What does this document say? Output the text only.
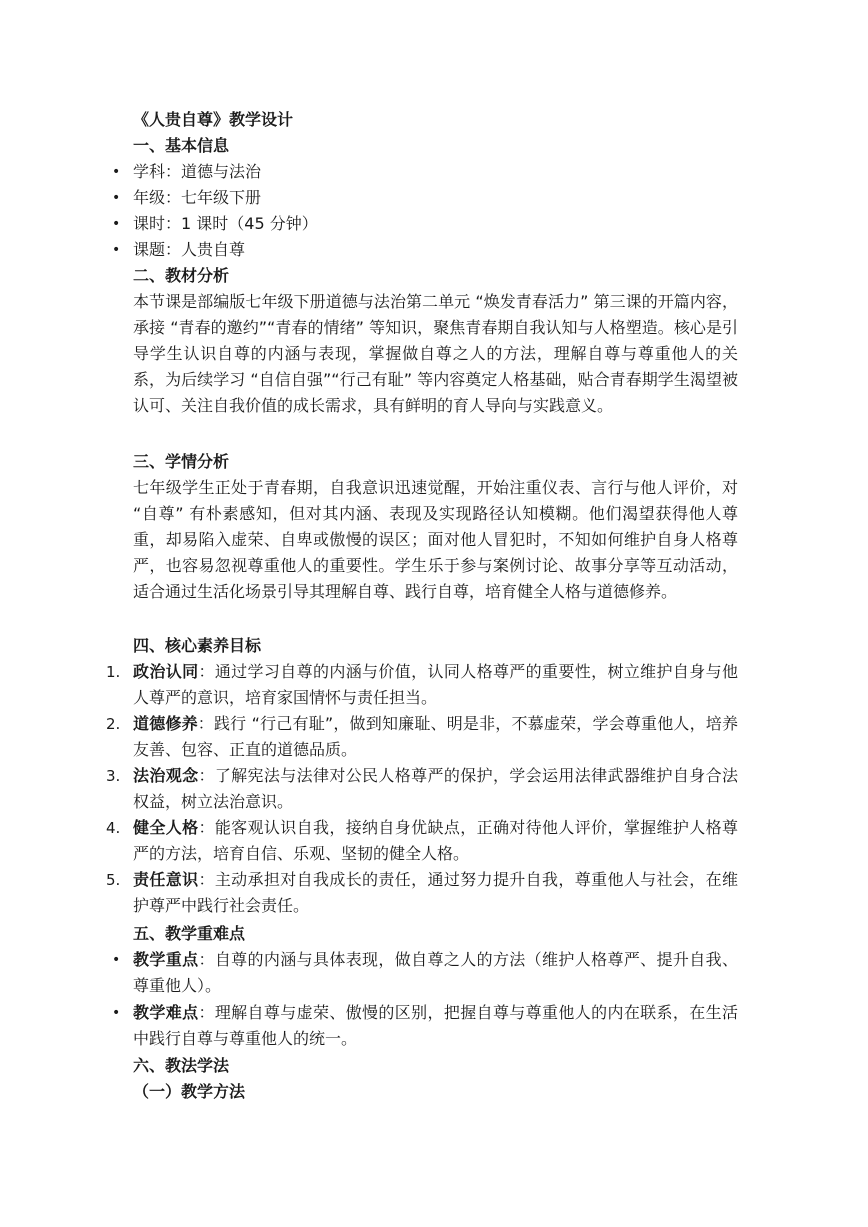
《人贵自尊》教学设计
一、基本信息
• 学科：道德与法治
• 年级：七年级下册
• 课时：1 课时（45 分钟）
• 课题：人贵自尊
二、教材分析
本节课是部编版七年级下册道德与法治第二单元 “焕发青春活力” 第三课的开篇内容，承接 “青春的邀约”“青春的情绪” 等知识，聚焦青春期自我认知与人格塑造。核心是引导学生认识自尊的内涵与表现，掌握做自尊之人的方法，理解自尊与尊重他人的关系，为后续学习 “自信自强”“行己有耻” 等内容奠定人格基础，贴合青春期学生渴望被认可、关注自我价值的成长需求，具有鲜明的育人导向与实践意义。
三、学情分析
七年级学生正处于青春期，自我意识迅速觉醒，开始注重仪表、言行与他人评价，对 “自尊” 有朴素感知，但对其内涵、表现及实现路径认知模糊。他们渴望获得他人尊重，却易陷入虚荣、自卑或傲慢的误区；面对他人冒犯时，不知如何维护自身人格尊严，也容易忽视尊重他人的重要性。学生乐于参与案例讨论、故事分享等互动活动，适合通过生活化场景引导其理解自尊、践行自尊，培育健全人格与道德修养。
四、核心素养目标
1. 政治认同：通过学习自尊的内涵与价值，认同人格尊严的重要性，树立维护自身与他人尊严的意识，培育家国情怀与责任担当。
2. 道德修养：践行 “行己有耻”，做到知廉耻、明是非，不慕虚荣，学会尊重他人，培养友善、包容、正直的道德品质。
3. 法治观念：了解宪法与法律对公民人格尊严的保护，学会运用法律武器维护自身合法权益，树立法治意识。
4. 健全人格：能客观认识自我，接纳自身优缺点，正确对待他人评价，掌握维护人格尊严的方法，培育自信、乐观、坚韧的健全人格。
5. 责任意识：主动承担对自我成长的责任，通过努力提升自我，尊重他人与社会，在维护尊严中践行社会责任。
五、教学重难点
• 教学重点：自尊的内涵与具体表现，做自尊之人的方法（维护人格尊严、提升自我、尊重他人）。
• 教学难点：理解自尊与虚荣、傲慢的区别，把握自尊与尊重他人的内在联系，在生活中践行自尊与尊重他人的统一。
六、教法学法
（一）教学方法
